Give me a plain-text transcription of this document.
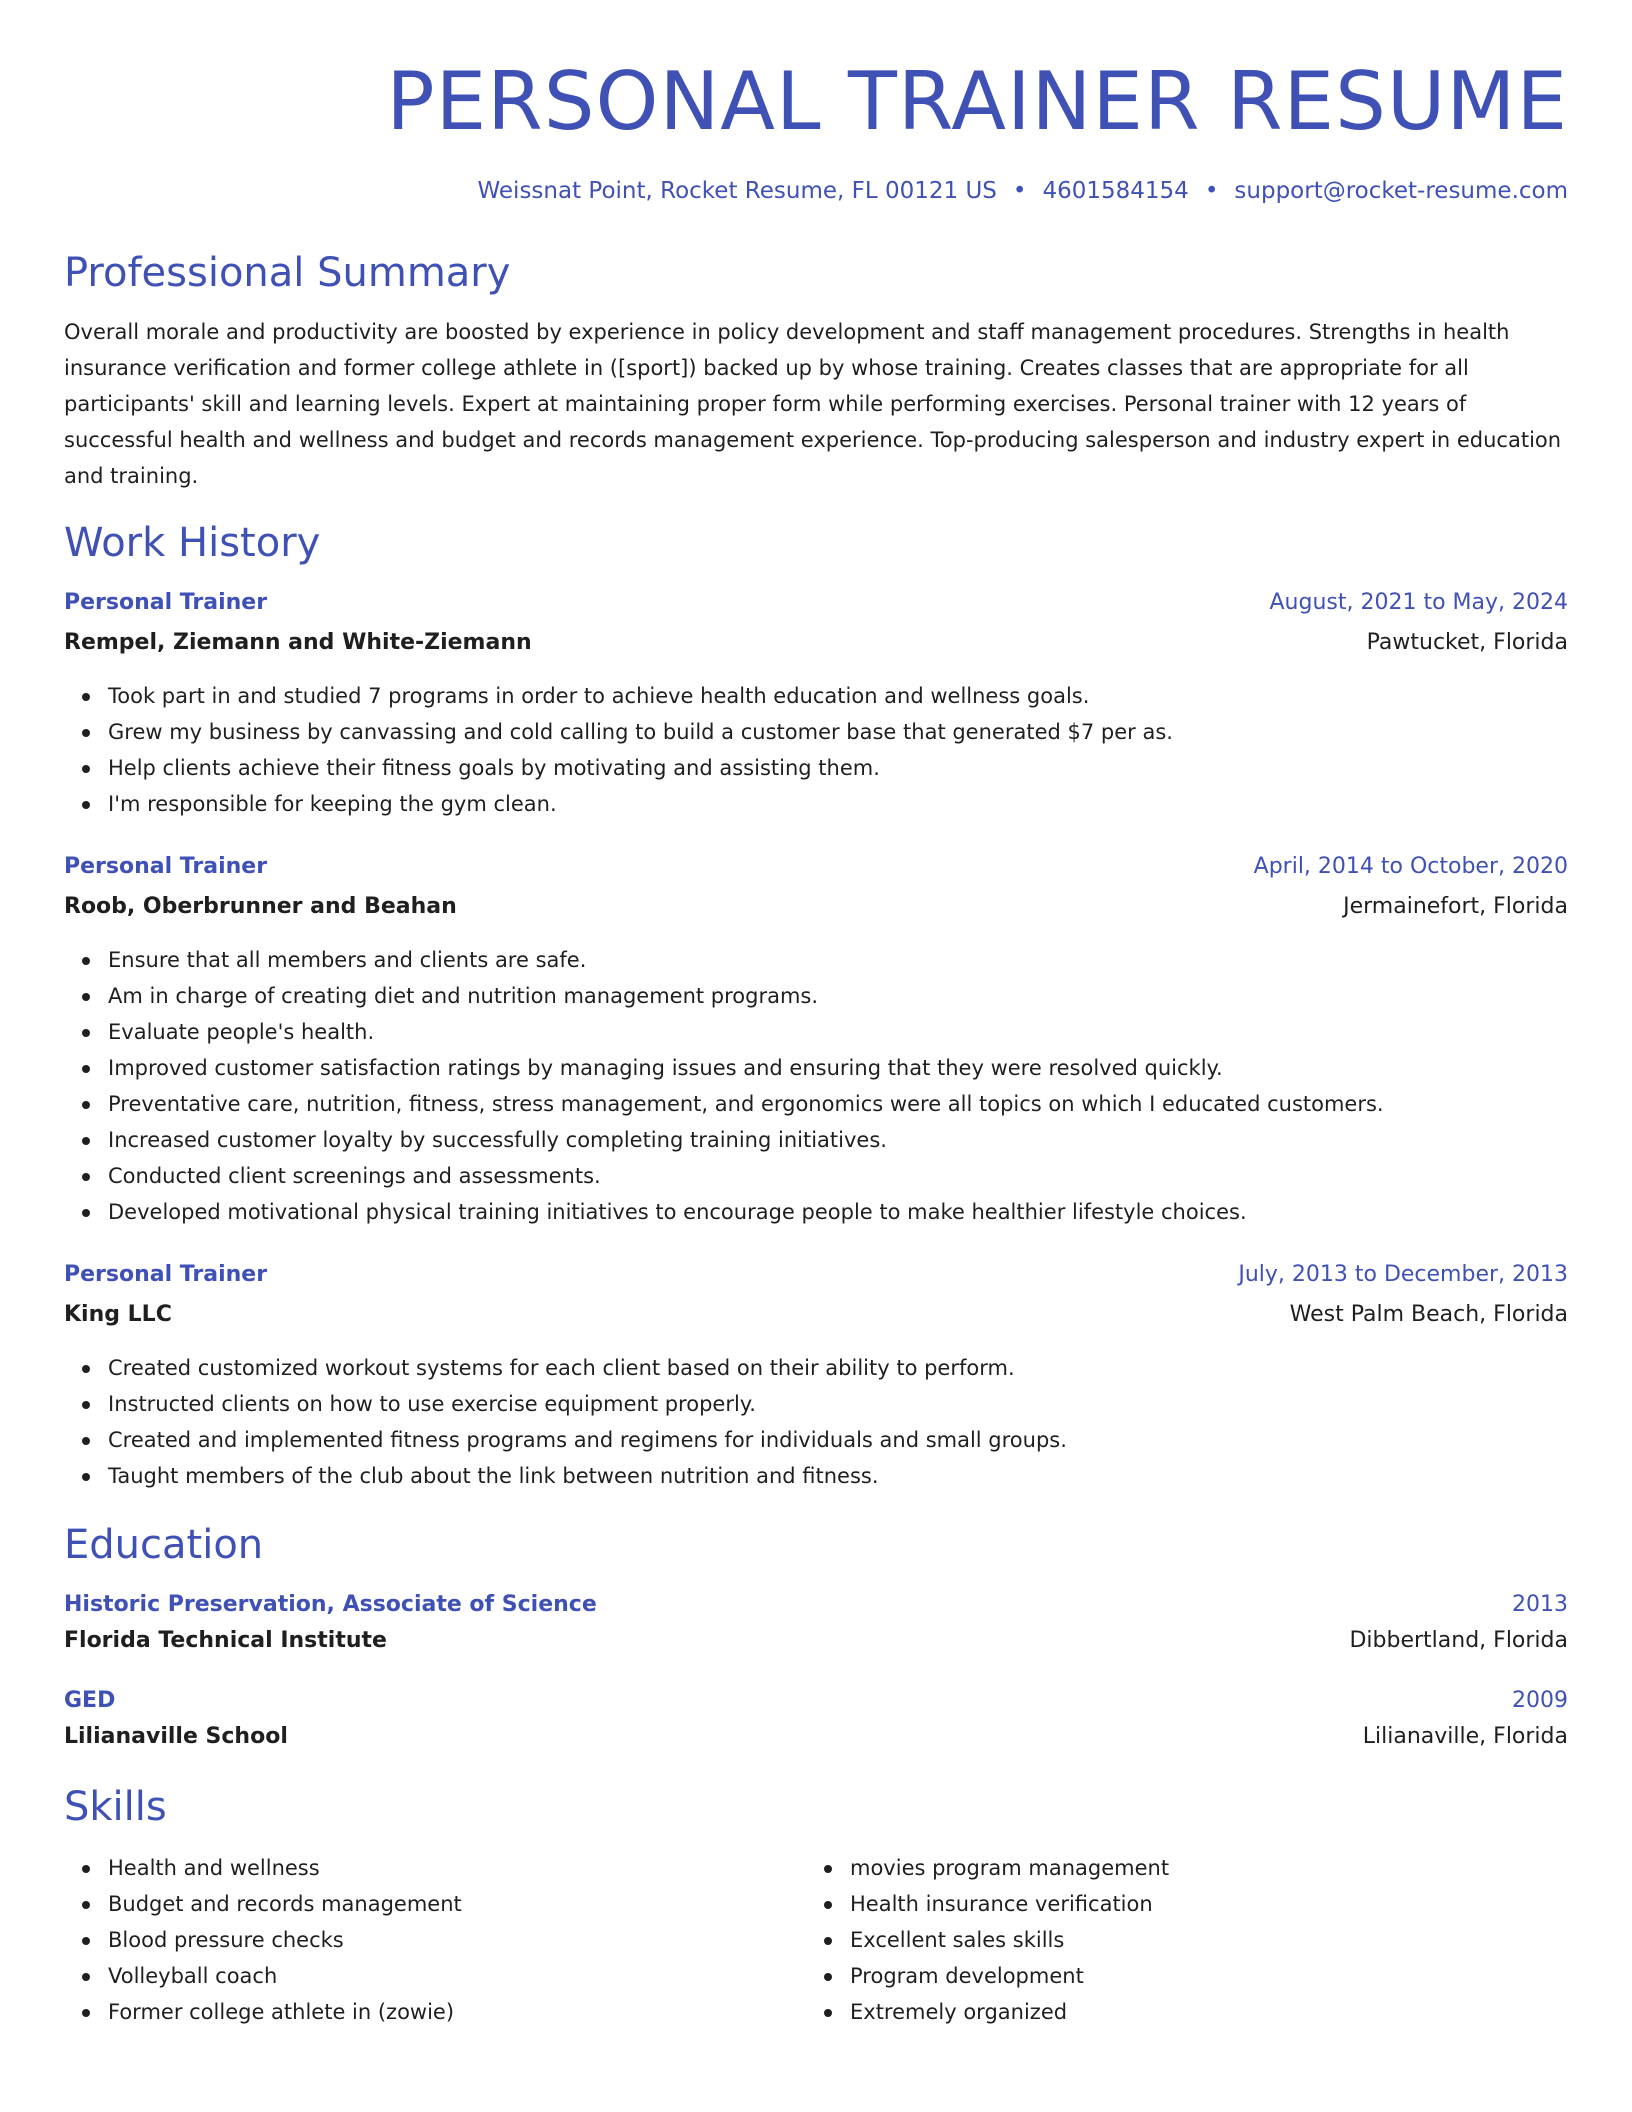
PERSONAL TRAINER RESUME
Weissnat Point, Rocket Resume, FL 00121 US • 4601584154 • support@rocket-resume.com
Professional Summary

Overall morale and productivity are boosted by experience in policy development and staff management procedures. Strengths in health insurance verification and former college athlete in ([sport]) backed up by whose training. Creates classes that are appropriate for all participants' skill and learning levels. Expert at maintaining proper form while performing exercises. Personal trainer with 12 years of successful health and wellness and budget and records management experience. Top-producing salesperson and industry expert in education and training.

Work History
Personal Trainer	August, 2021 to May, 2024
Rempel, Ziemann and White-Ziemann	Pawtucket, Florida
Took part in and studied 7 programs in order to achieve health education and wellness goals.
Grew my business by canvassing and cold calling to build a customer base that generated $7 per as.
Help clients achieve their fitness goals by motivating and assisting them.
I'm responsible for keeping the gym clean.
Personal Trainer	April, 2014 to October, 2020
Roob, Oberbrunner and Beahan	Jermainefort, Florida
Ensure that all members and clients are safe.
Am in charge of creating diet and nutrition management programs.
Evaluate people's health.
Improved customer satisfaction ratings by managing issues and ensuring that they were resolved quickly.
Preventative care, nutrition, fitness, stress management, and ergonomics were all topics on which I educated customers.
Increased customer loyalty by successfully completing training initiatives.
Conducted client screenings and assessments.
Developed motivational physical training initiatives to encourage people to make healthier lifestyle choices.
Personal Trainer	July, 2013 to December, 2013
King LLC	West Palm Beach, Florida
Created customized workout systems for each client based on their ability to perform.
Instructed clients on how to use exercise equipment properly.
Created and implemented fitness programs and regimens for individuals and small groups.
Taught members of the club about the link between nutrition and fitness.
Education
Historic Preservation, Associate of Science	2013
Florida Technical Institute	Dibbertland, Florida
GED	2009
Lilianaville School	Lilianaville, Florida
Skills
Health and wellness
Budget and records management
Blood pressure checks
Volleyball coach
Former college athlete in (zowie)
movies program management
Health insurance verification
Excellent sales skills
Program development
Extremely organized
